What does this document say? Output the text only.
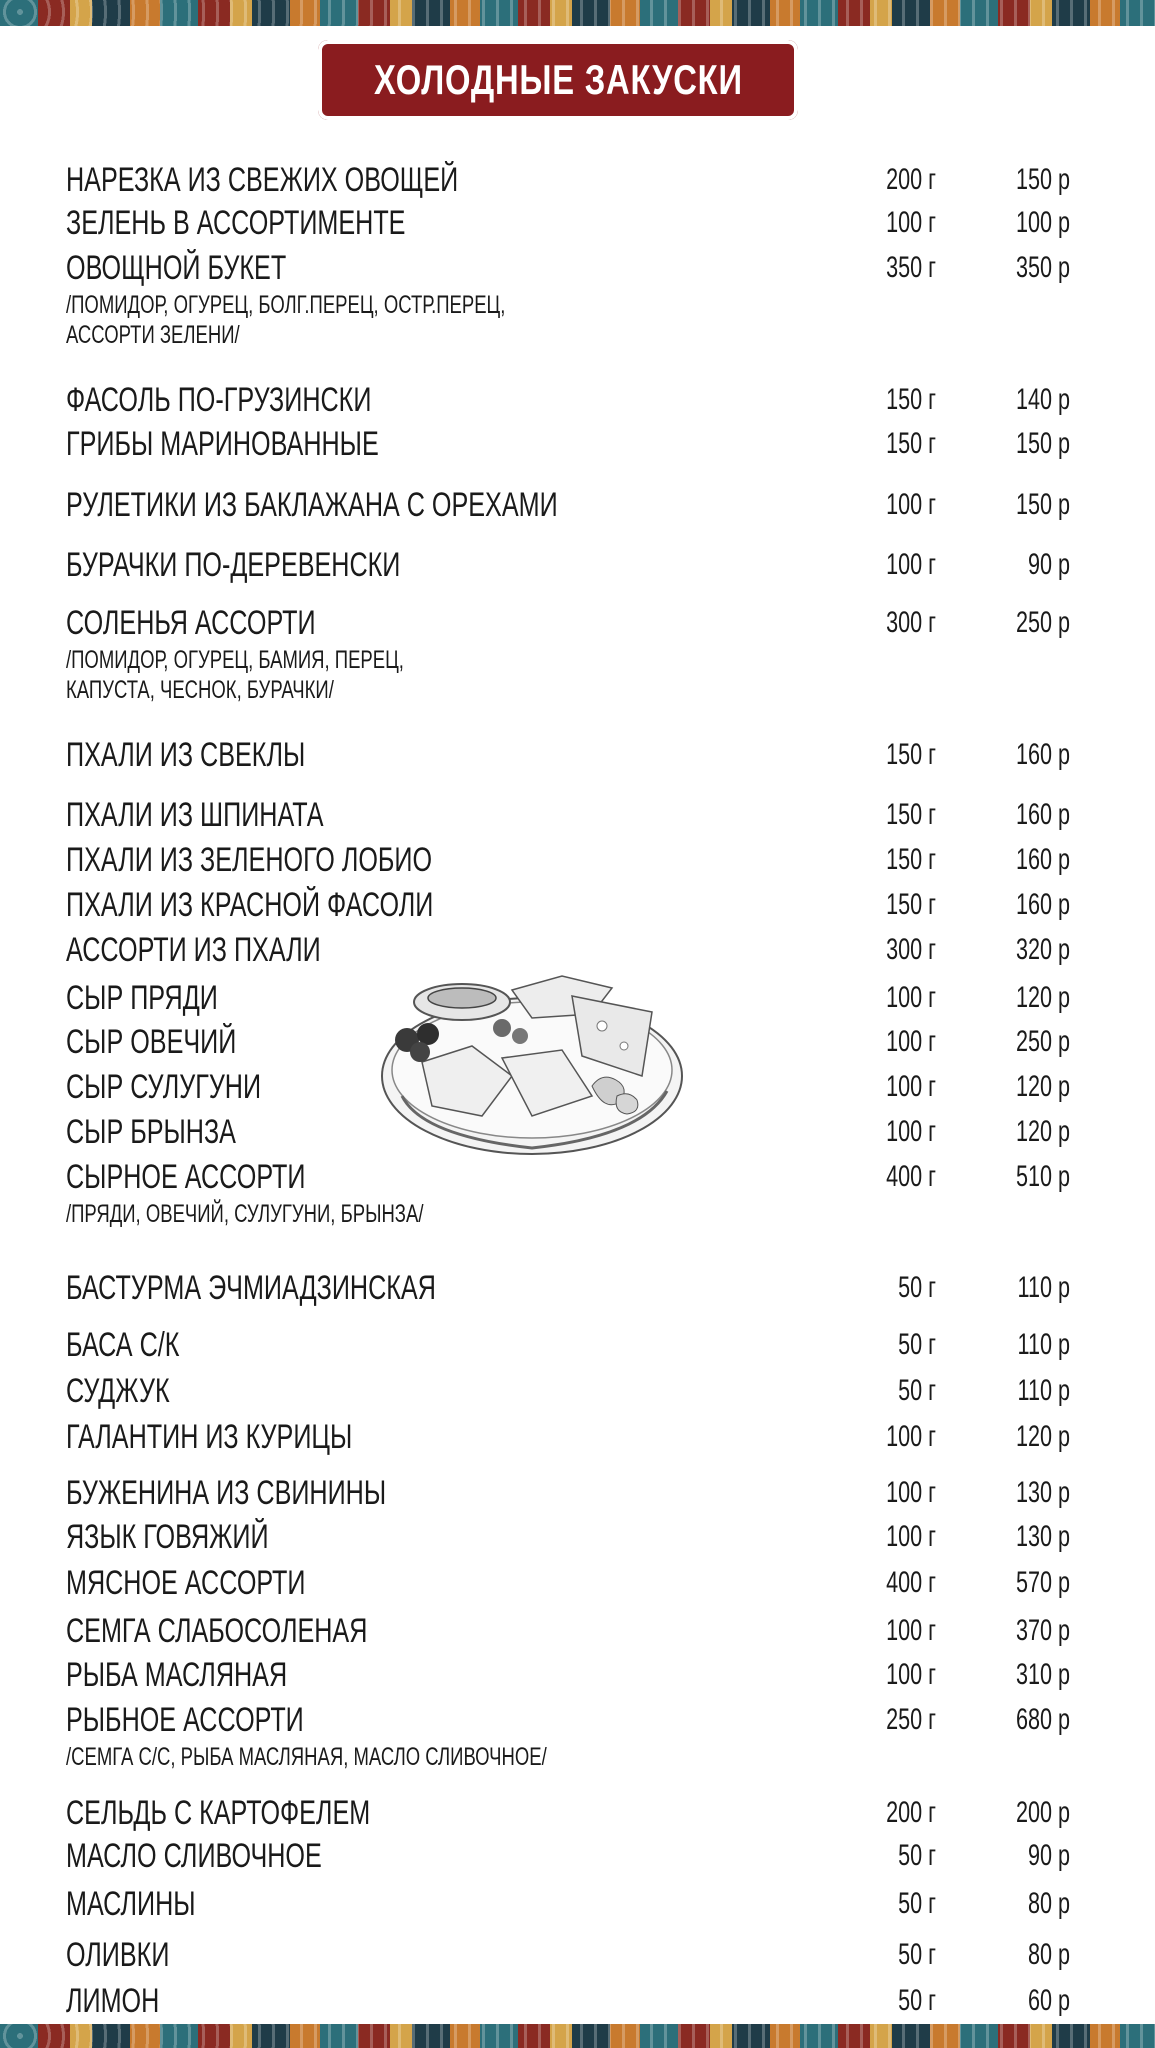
ХОЛОДНЫЕ ЗАКУСКИ
НАРЕЗКА ИЗ СВЕЖИХ ОВОЩЕЙ	200 г	150 р
ЗЕЛЕНЬ В АССОРТИМЕНТЕ	100 г	100 р
ОВОЩНОЙ БУКЕТ	350 г	350 р
/ПОМИДОР, ОГУРЕЦ, БОЛГ.ПЕРЕЦ, ОСТР.ПЕРЕЦ,
АССОРТИ ЗЕЛЕНИ/
ФАСОЛЬ ПО-ГРУЗИНСКИ	150 г	140 р
ГРИБЫ МАРИНОВАННЫЕ	150 г	150 р
РУЛЕТИКИ ИЗ БАКЛАЖАНА С ОРЕХАМИ	100 г	150 р
БУРАЧКИ ПО-ДЕРЕВЕНСКИ	100 г	90 р
СОЛЕНЬЯ АССОРТИ	300 г	250 р
/ПОМИДОР, ОГУРЕЦ, БАМИЯ, ПЕРЕЦ,
КАПУСТА, ЧЕСНОК, БУРАЧКИ/
ПХАЛИ ИЗ СВЕКЛЫ	150 г	160 р
ПХАЛИ ИЗ ШПИНАТА	150 г	160 р
ПХАЛИ ИЗ ЗЕЛЕНОГО ЛОБИО	150 г	160 р
ПХАЛИ ИЗ КРАСНОЙ ФАСОЛИ	150 г	160 р
АССОРТИ ИЗ ПХАЛИ	300 г	320 р
СЫР ПРЯДИ	100 г	120 р
СЫР ОВЕЧИЙ	100 г	250 р
СЫР СУЛУГУНИ	100 г	120 р
СЫР БРЫНЗА	100 г	120 р
СЫРНОЕ АССОРТИ	400 г	510 р
/ПРЯДИ, ОВЕЧИЙ, СУЛУГУНИ, БРЫНЗА/
БАСТУРМА ЭЧМИАДЗИНСКАЯ	50 г	110 р
БАСА С/К	50 г	110 р
СУДЖУК	50 г	110 р
ГАЛАНТИН ИЗ КУРИЦЫ	100 г	120 р
БУЖЕНИНА ИЗ СВИНИНЫ	100 г	130 р
ЯЗЫК ГОВЯЖИЙ	100 г	130 р
МЯСНОЕ АССОРТИ	400 г	570 р
СЕМГА СЛАБОСОЛЕНАЯ	100 г	370 р
РЫБА МАСЛЯНАЯ	100 г	310 р
РЫБНОЕ АССОРТИ	250 г	680 р
/СЕМГА С/С, РЫБА МАСЛЯНАЯ, МАСЛО СЛИВОЧНОЕ/
СЕЛЬДЬ С КАРТОФЕЛЕМ	200 г	200 р
МАСЛО СЛИВОЧНОЕ	50 г	90 р
МАСЛИНЫ	50 г	80 р
ОЛИВКИ	50 г	80 р
ЛИМОН	50 г	60 р
